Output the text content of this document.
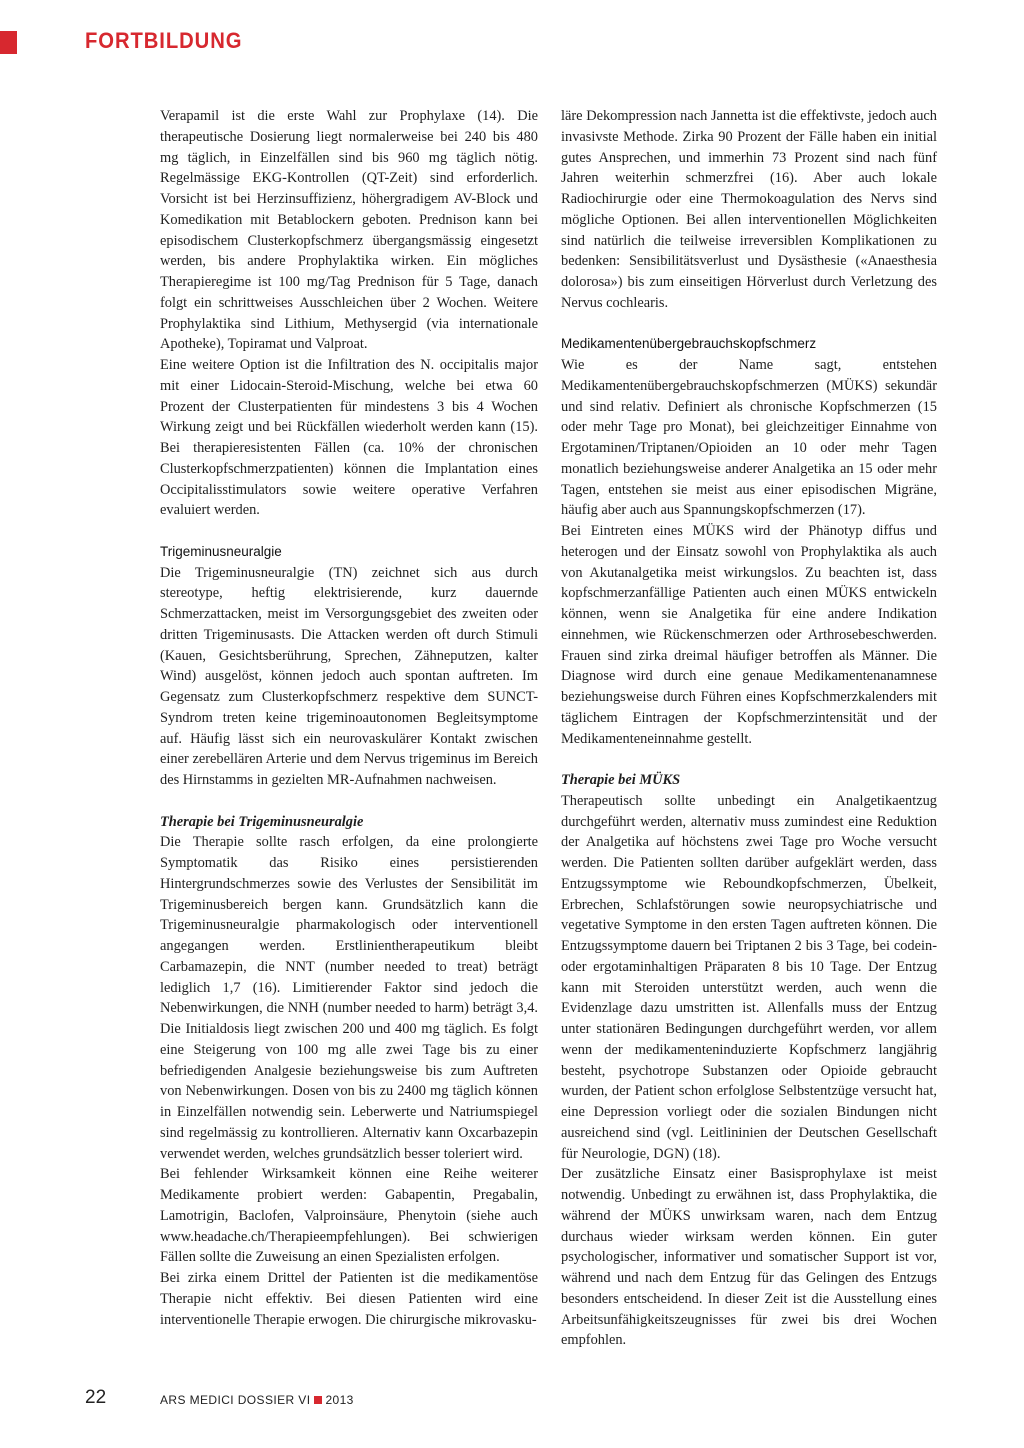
FORTBILDUNG

Verapamil ist die erste Wahl zur Prophylaxe (14). Die therapeutische Dosierung liegt normalerweise bei 240 bis 480 mg täglich, in Einzelfällen sind bis 960 mg täglich nötig. Regelmässige EKG-Kontrollen (QT-Zeit) sind erforderlich. Vorsicht ist bei Herzinsuffizienz, höhergradigem AV-Block und Komedikation mit Betablockern geboten. Prednison kann bei episodischem Clusterkopfschmerz übergangsmässig eingesetzt werden, bis andere Prophylaktika wirken. Ein mögliches Therapieregime ist 100 mg/Tag Prednison für 5 Tage, danach folgt ein schrittweises Ausschleichen über 2 Wochen. Weitere Prophylaktika sind Lithium, Methysergid (via internationale Apotheke), Topiramat und Valproat.

Eine weitere Option ist die Infiltration des N. occipitalis major mit einer Lidocain-Steroid-Mischung, welche bei etwa 60 Prozent der Clusterpatienten für mindestens 3 bis 4 Wochen Wirkung zeigt und bei Rückfällen wiederholt werden kann (15). Bei therapieresistenten Fällen (ca. 10% der chronischen Clusterkopfschmerzpatienten) können die Implantation eines Occipitalisstimulators sowie weitere operative Verfahren evaluiert werden.

Trigeminusneuralgie

Die Trigeminusneuralgie (TN) zeichnet sich aus durch stereotype, heftig elektrisierende, kurz dauernde Schmerzattacken, meist im Versorgungsgebiet des zweiten oder dritten Trigeminusasts. Die Attacken werden oft durch Stimuli (Kauen, Gesichtsberührung, Sprechen, Zähneputzen, kalter Wind) ausgelöst, können jedoch auch spontan auftreten. Im Gegensatz zum Clusterkopfschmerz respektive dem SUNCT-Syndrom treten keine trigeminoautonomen Begleitsymptome auf. Häufig lässt sich ein neurovaskulärer Kontakt zwischen einer zerebellären Arterie und dem Nervus trigeminus im Bereich des Hirnstamms in gezielten MR-Aufnahmen nachweisen.

Therapie bei Trigeminusneuralgie

Die Therapie sollte rasch erfolgen, da eine prolongierte Symptomatik das Risiko eines persistierenden Hintergrundschmerzes sowie des Verlustes der Sensibilität im Trigeminusbereich bergen kann. Grundsätzlich kann die Trigeminusneuralgie pharmakologisch oder interventionell angegangen werden. Erstlinientherapeutikum bleibt Carbamazepin, die NNT (number needed to treat) beträgt lediglich 1,7 (16). Limitierender Faktor sind jedoch die Nebenwirkungen, die NNH (number needed to harm) beträgt 3,4. Die Initialdosis liegt zwischen 200 und 400 mg täglich. Es folgt eine Steigerung von 100 mg alle zwei Tage bis zu einer befriedigenden Analgesie beziehungsweise bis zum Auftreten von Nebenwirkungen. Dosen von bis zu 2400 mg täglich können in Einzelfällen notwendig sein. Leberwerte und Natriumspiegel sind regelmässig zu kontrollieren. Alternativ kann Oxcarbazepin verwendet werden, welches grundsätzlich besser toleriert wird.

Bei fehlender Wirksamkeit können eine Reihe weiterer Medikamente probiert werden: Gabapentin, Pregabalin, Lamotrigin, Baclofen, Valproinsäure, Phenytoin (siehe auch www.headache.ch/Therapieempfehlungen). Bei schwierigen Fällen sollte die Zuweisung an einen Spezialisten erfolgen.

Bei zirka einem Drittel der Patienten ist die medikamentöse Therapie nicht effektiv. Bei diesen Patienten wird eine interventionelle Therapie erwogen. Die chirurgische mikrovasku-

läre Dekompression nach Jannetta ist die effektivste, jedoch auch invasivste Methode. Zirka 90 Prozent der Fälle haben ein initial gutes Ansprechen, und immerhin 73 Prozent sind nach fünf Jahren weiterhin schmerzfrei (16). Aber auch lokale Radiochirurgie oder eine Thermokoagulation des Nervs sind mögliche Optionen. Bei allen interventionellen Möglichkeiten sind natürlich die teilweise irreversiblen Komplikationen zu bedenken: Sensibilitätsverlust und Dysästhesie («Anaesthesia dolorosa») bis zum einseitigen Hörverlust durch Verletzung des Nervus cochlearis.

Medikamentenübergebrauchskopfschmerz

Wie es der Name sagt, entstehen Medikamentenübergebrauchskopfschmerzen (MÜKS) sekundär und sind relativ. Definiert als chronische Kopfschmerzen (15 oder mehr Tage pro Monat), bei gleichzeitiger Einnahme von Ergotaminen/Triptanen/Opioiden an 10 oder mehr Tagen monatlich beziehungsweise anderer Analgetika an 15 oder mehr Tagen, entstehen sie meist aus einer episodischen Migräne, häufig aber auch aus Spannungskopfschmerzen (17).

Bei Eintreten eines MÜKS wird der Phänotyp diffus und heterogen und der Einsatz sowohl von Prophylaktika als auch von Akutanalgetika meist wirkungslos. Zu beachten ist, dass kopfschmerzanfällige Patienten auch einen MÜKS entwickeln können, wenn sie Analgetika für eine andere Indikation einnehmen, wie Rückenschmerzen oder Arthrosebeschwerden. Frauen sind zirka dreimal häufiger betroffen als Männer. Die Diagnose wird durch eine genaue Medikamentenanamnese beziehungsweise durch Führen eines Kopfschmerzkalenders mit täglichem Eintragen der Kopfschmerzintensität und der Medikamenteneinnahme gestellt.

Therapie bei MÜKS

Therapeutisch sollte unbedingt ein Analgetikaentzug durchgeführt werden, alternativ muss zumindest eine Reduktion der Analgetika auf höchstens zwei Tage pro Woche versucht werden. Die Patienten sollten darüber aufgeklärt werden, dass Entzugssymptome wie Reboundkopfschmerzen, Übelkeit, Erbrechen, Schlafstörungen sowie neuropsychiatrische und vegetative Symptome in den ersten Tagen auftreten können. Die Entzugssymptome dauern bei Triptanen 2 bis 3 Tage, bei codein- oder ergotaminhaltigen Präparaten 8 bis 10 Tage. Der Entzug kann mit Steroiden unterstützt werden, auch wenn die Evidenzlage dazu umstritten ist. Allenfalls muss der Entzug unter stationären Bedingungen durchgeführt werden, vor allem wenn der medikamenteninduzierte Kopfschmerz langjährig besteht, psychotrope Substanzen oder Opioide gebraucht wurden, der Patient schon erfolglose Selbstentzüge versucht hat, eine Depression vorliegt oder die sozialen Bindungen nicht ausreichend sind (vgl. Leitlininien der Deutschen Gesellschaft für Neurologie, DGN) (18).

Der zusätzliche Einsatz einer Basisprophylaxe ist meist notwendig. Unbedingt zu erwähnen ist, dass Prophylaktika, die während der MÜKS unwirksam waren, nach dem Entzug durchaus wieder wirksam werden können. Ein guter psychologischer, informativer und somatischer Support ist vor, während und nach dem Entzug für das Gelingen des Entzugs besonders entscheidend. In dieser Zeit ist die Ausstellung eines Arbeitsunfähigkeitszeugnisses für zwei bis drei Wochen empfohlen.

22	ARS MEDICI DOSSIER VI 2013
